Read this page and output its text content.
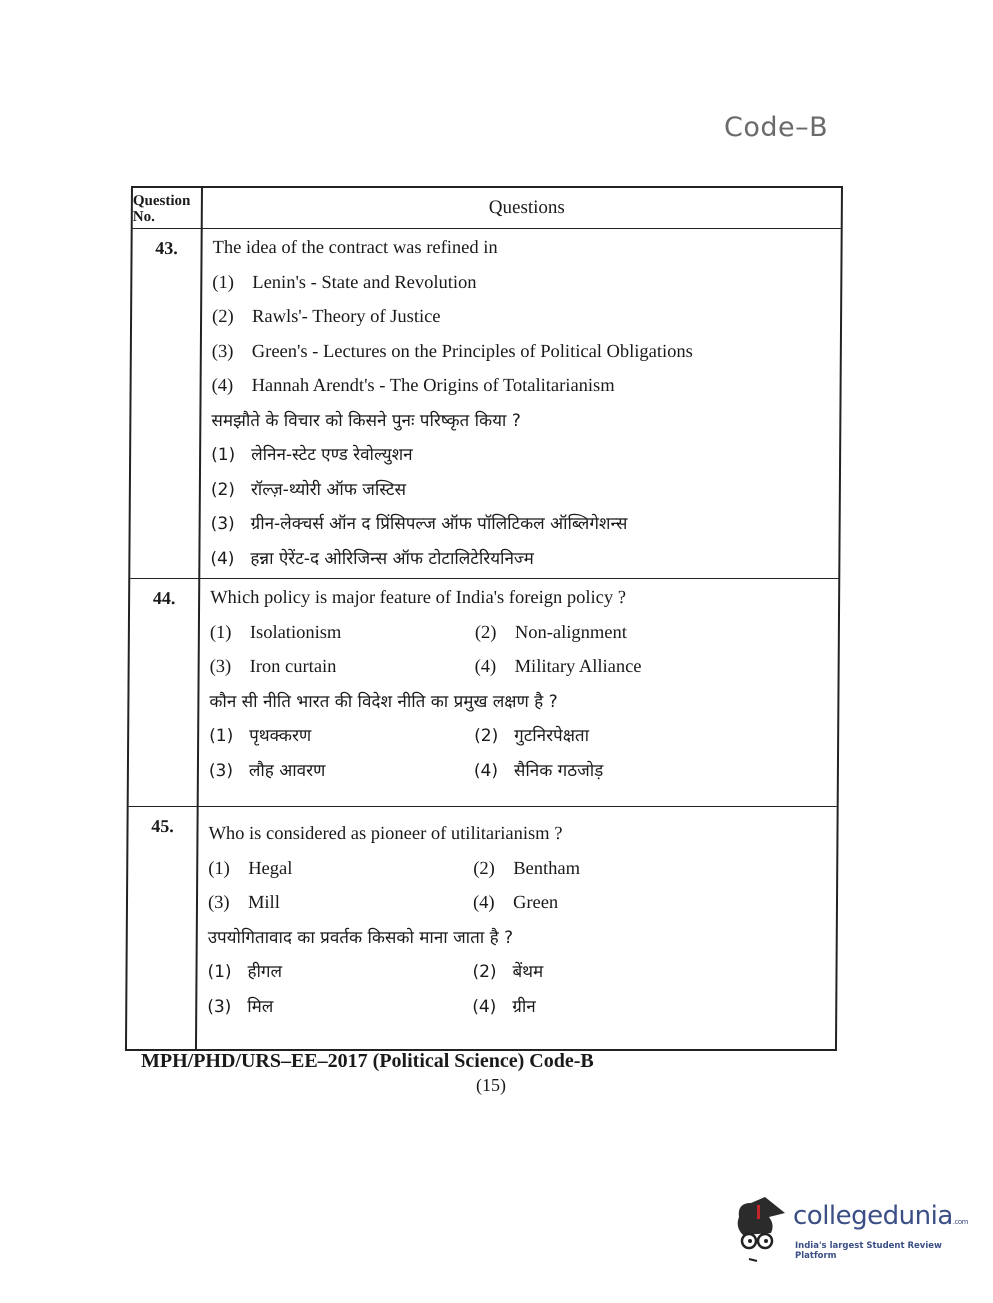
Code–B
Question No.	Questions
43.	The idea of the contract was refined in
(1) Lenin's - State and Revolution
(2) Rawls'- Theory of Justice
(3) Green's - Lectures on the Principles of Political Obligations
(4) Hannah Arendt's - The Origins of Totalitarianism
समझौते के विचार को किसने पुनः परिष्कृत किया ?
(1) लेनिन-स्टेट एण्ड रेवोल्युशन
(2) रॉल्ज़-थ्योरी ऑफ जस्टिस
(3) ग्रीन-लेक्चर्स ऑन द प्रिंसिपल्ज ऑफ पॉलिटिकल ऑब्लिगेशन्स
(4) हन्ना ऐरेंट-द ओरिजिन्स ऑफ टोटालिटेरियनिज्म
44.	Which policy is major feature of India's foreign policy ?
(1) Isolationism	(2) Non-alignment
(3) Iron curtain	(4) Military Alliance
कौन सी नीति भारत की विदेश नीति का प्रमुख लक्षण है ?
(1) पृथक्करण	(2) गुटनिरपेक्षता
(3) लौह आवरण	(4) सैनिक गठजोड़
45.	Who is considered as pioneer of utilitarianism ?
(1) Hegal	(2) Bentham
(3) Mill	(4) Green
उपयोगितावाद का प्रवर्तक किसको माना जाता है ?
(1) हीगल	(2) बेंथम
(3) मिल	(4) ग्रीन
MPH/PHD/URS–EE–2017 (Political Science) Code-B
(15)
collegedunia.com
India's largest Student Review Platform
